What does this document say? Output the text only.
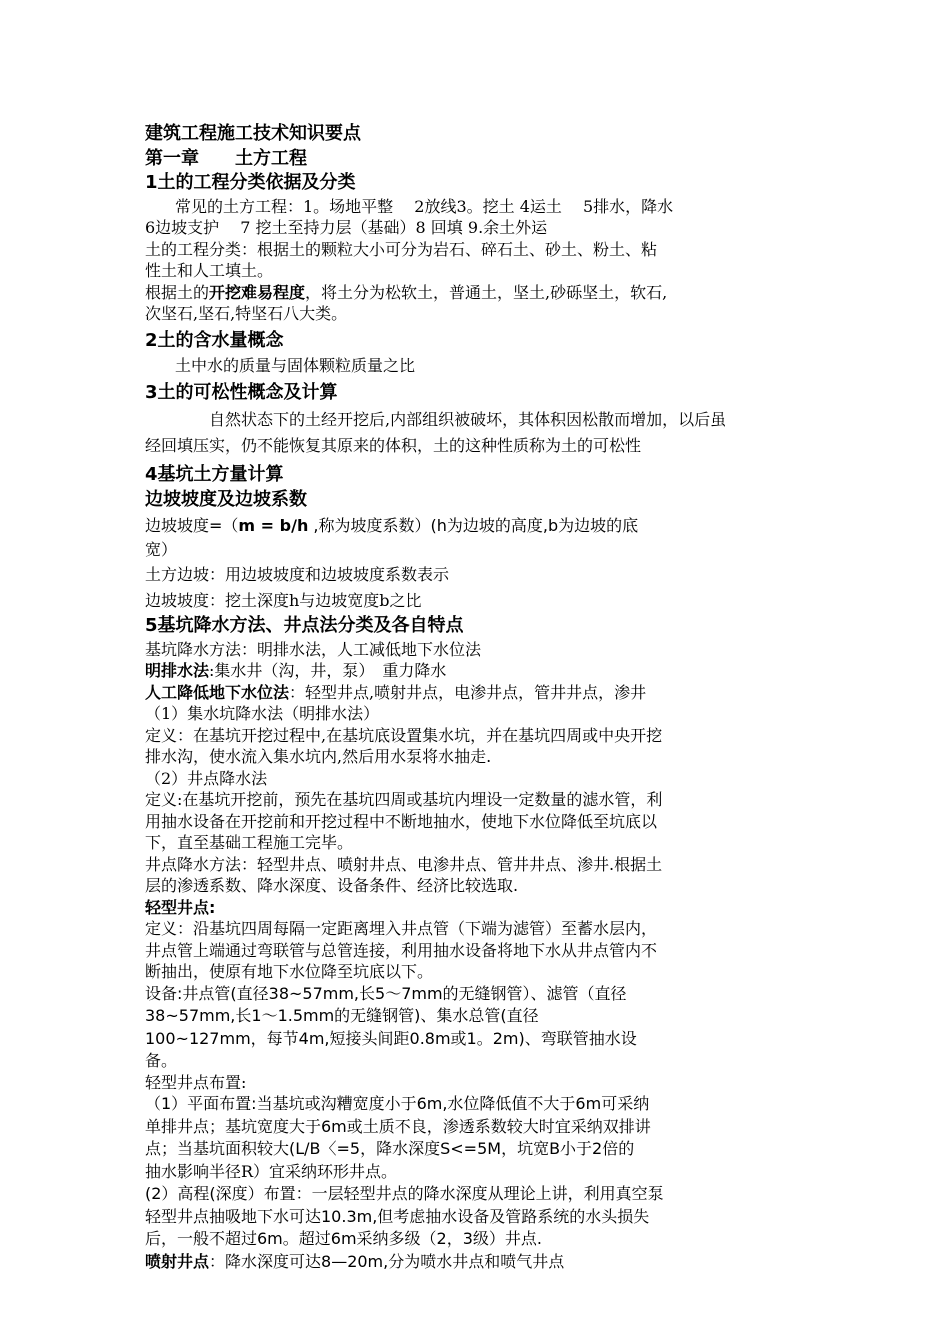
建筑工程施工技术知识要点
第一章　　土方工程
1土的工程分类依据及分类
常见的土方工程：1。场地平整　 2放线3。挖土 4运土　 5排水，降水
6边坡支护　 7 挖土至持力层（基础）8 回填 9.余土外运
土的工程分类：根据土的颗粒大小可分为岩石、碎石土、砂土、粉土、粘
性土和人工填土。
根据土的开挖难易程度，将土分为松软土，普通土，坚土,砂砾坚土，软石,
次坚石,坚石,特坚石八大类。
2土的含水量概念
土中水的质量与固体颗粒质量之比
3土的可松性概念及计算
自然状态下的土经开挖后,内部组织被破坏，其体积因松散而增加，以后虽
经回填压实，仍不能恢复其原来的体积，土的这种性质称为土的可松性
4基坑土方量计算
边坡坡度及边坡系数
边坡坡度=（m = b/h ,称为坡度系数）(h为边坡的高度,b为边坡的底
宽）
土方边坡：用边坡坡度和边坡坡度系数表示
边坡坡度：挖土深度h与边坡宽度b之比
5基坑降水方法、井点法分类及各自特点
基坑降水方法：明排水法，人工减低地下水位法
明排水法:集水井（沟，井，泵）　重力降水
人工降低地下水位法：轻型井点,喷射井点，电渗井点，管井井点，渗井
（1）集水坑降水法（明排水法）
定义：在基坑开挖过程中,在基坑底设置集水坑，并在基坑四周或中央开挖
排水沟，使水流入集水坑内,然后用水泵将水抽走.
（2）井点降水法
定义:在基坑开挖前，预先在基坑四周或基坑内埋设一定数量的滤水管，利
用抽水设备在开挖前和开挖过程中不断地抽水，使地下水位降低至坑底以
下，直至基础工程施工完毕。
井点降水方法：轻型井点、喷射井点、电渗井点、管井井点、渗井.根据土
层的渗透系数、降水深度、设备条件、经济比较选取.
轻型井点:
定义：沿基坑四周每隔一定距离埋入井点管（下端为滤管）至蓄水层内，
井点管上端通过弯联管与总管连接，利用抽水设备将地下水从井点管内不
断抽出，使原有地下水位降至坑底以下。
设备:井点管(直径38~57mm,长5～7mm的无缝钢管）、滤管（直径
38~57mm,长1～1.5mm的无缝钢管)、集水总管(直径
100~127mm，每节4m,短接头间距0.8m或1。2m)、弯联管抽水设
备。
轻型井点布置:
（1）平面布置:当基坑或沟糟宽度小于6m,水位降低值不大于6m可采纳
单排井点；基坑宽度大于6m或土质不良，渗透系数较大时宜采纳双排讲
点；当基坑面积较大(L/B〈=5，降水深度S<=5M，坑宽B小于2倍的
抽水影响半径R）宜采纳环形井点。
(2）高程(深度）布置：一层轻型井点的降水深度从理论上讲，利用真空泵
轻型井点抽吸地下水可达10.3m,但考虑抽水设备及管路系统的水头损失
后，一般不超过6m。超过6m采纳多级（2，3级）井点.
喷射井点：降水深度可达8—20m,分为喷水井点和喷气井点
